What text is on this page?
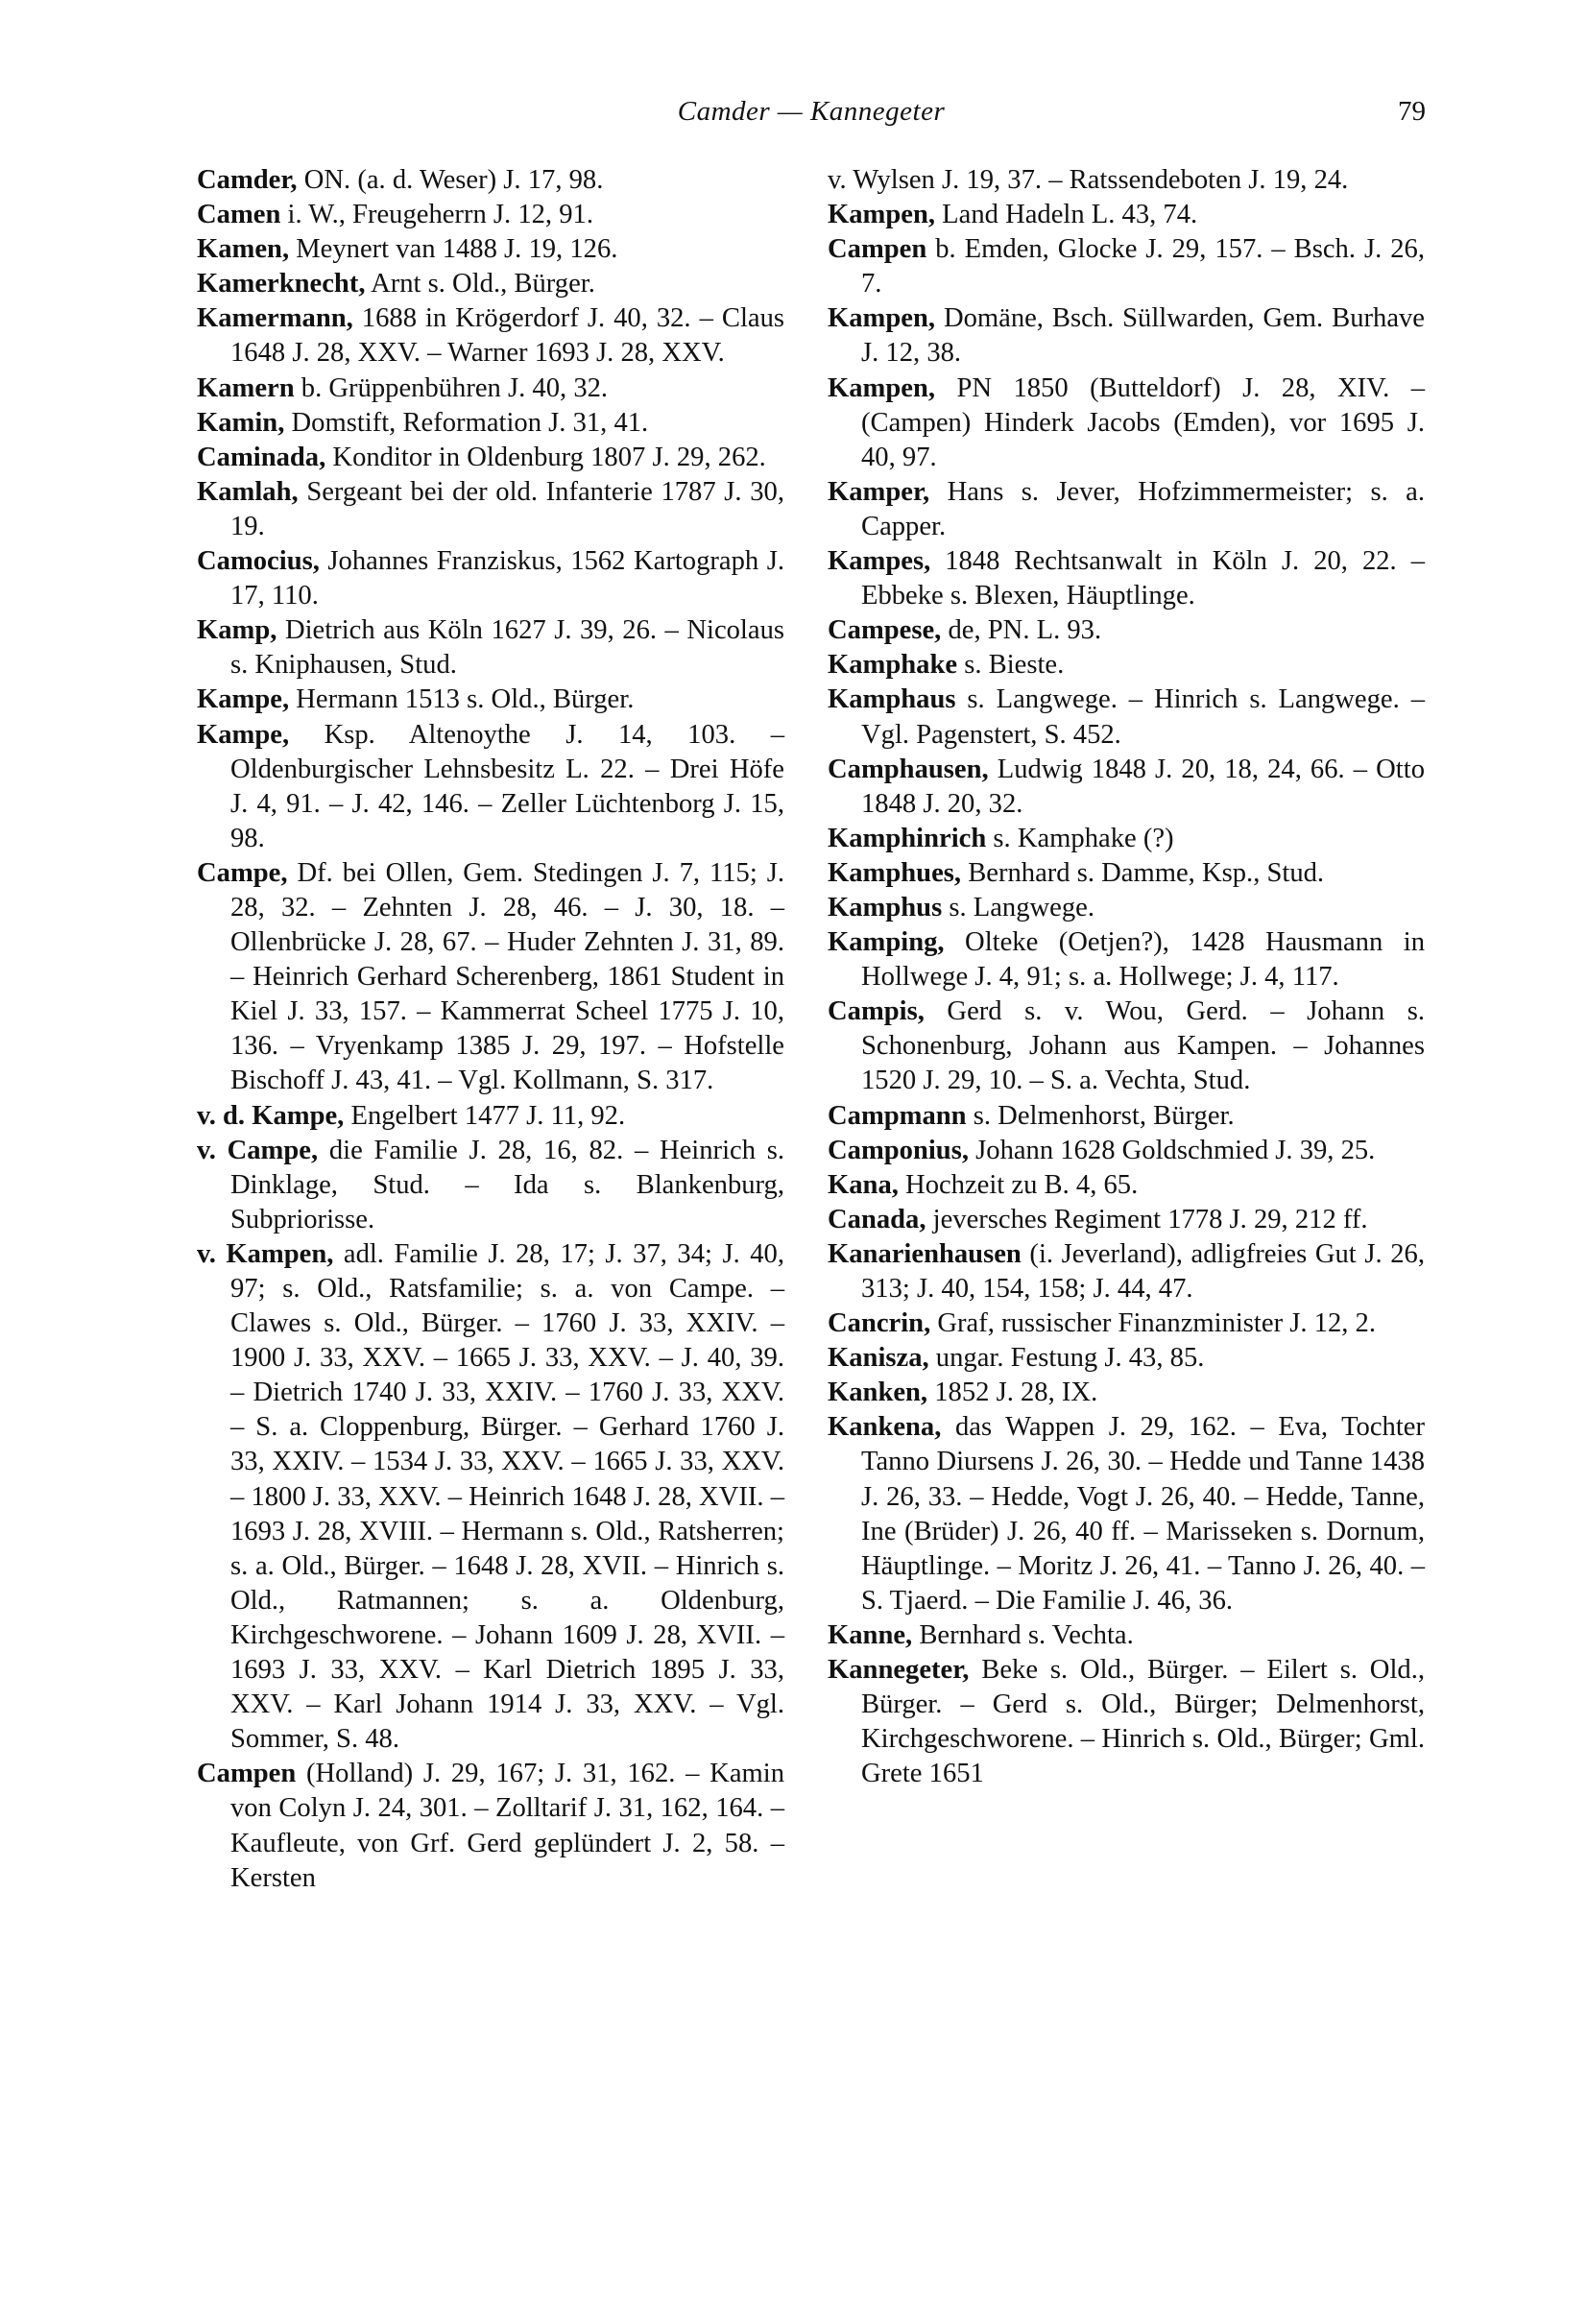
Camder — Kannegeter	79
Camder, ON. (a. d. Weser) J. 17, 98.
Camen i. W., Freugeherrn J. 12, 91.
Kamen, Meynert van 1488 J. 19, 126.
Kamerknecht, Arnt s. Old., Bürger.
Kamermann, 1688 in Krögerdorf J. 40, 32. – Claus 1648 J. 28, XXV. – Warner 1693 J. 28, XXV.
Kamern b. Grüppenbühren J. 40, 32.
Kamin, Domstift, Reformation J. 31, 41.
Caminada, Konditor in Oldenburg 1807 J. 29, 262.
Kamlah, Sergeant bei der old. Infanterie 1787 J. 30, 19.
Camocius, Johannes Franziskus, 1562 Kartograph J. 17, 110.
Kamp, Dietrich aus Köln 1627 J. 39, 26. – Nicolaus s. Kniphausen, Stud.
Kampe, Hermann 1513 s. Old., Bürger.
Kampe, Ksp. Altenoythe J. 14, 103. – Oldenburgischer Lehnsbesitz L. 22. – Drei Höfe J. 4, 91. – J. 42, 146. – Zeller Lüchtenborg J. 15, 98.
Campe, Df. bei Ollen, Gem. Stedingen J. 7, 115; J. 28, 32. – Zehnten J. 28, 46. – J. 30, 18. – Ollenbrücke J. 28, 67. – Huder Zehnten J. 31, 89. – Heinrich Gerhard Scherenberg, 1861 Student in Kiel J. 33, 157. – Kammerrat Scheel 1775 J. 10, 136. – Vryenkamp 1385 J. 29, 197. – Hofstelle Bischoff J. 43, 41. – Vgl. Kollmann, S. 317.
v. d. Kampe, Engelbert 1477 J. 11, 92.
v. Campe, die Familie J. 28, 16, 82. – Heinrich s. Dinklage, Stud. – Ida s. Blankenburg, Subpriorisse.
v. Kampen, adl. Familie J. 28, 17; J. 37, 34; J. 40, 97; s. Old., Ratsfamilie; s. a. von Campe. – Clawes s. Old., Bürger. – 1760 J. 33, XXIV. – 1900 J. 33, XXV. – 1665 J. 33, XXV. – J. 40, 39. – Dietrich 1740 J. 33, XXIV. – 1760 J. 33, XXV. – S. a. Cloppenburg, Bürger. – Gerhard 1760 J. 33, XXIV. – 1534 J. 33, XXV. – 1665 J. 33, XXV. – 1800 J. 33, XXV. – Heinrich 1648 J. 28, XVII. – 1693 J. 28, XVIII. – Hermann s. Old., Ratsherren; s. a. Old., Bürger. – 1648 J. 28, XVII. – Hinrich s. Old., Ratmannen; s. a. Oldenburg, Kirchgeschworene. – Johann 1609 J. 28, XVII. – 1693 J. 33, XXV. – Karl Dietrich 1895 J. 33, XXV. – Karl Johann 1914 J. 33, XXV. – Vgl. Sommer, S. 48.
Campen (Holland) J. 29, 167; J. 31, 162. – Kamin von Colyn J. 24, 301. – Zolltarif J. 31, 162, 164. – Kaufleute, von Grf. Gerd geplündert J. 2, 58. – Kersten
v. Wylsen J. 19, 37. – Ratssendeboten J. 19, 24.
Kampen, Land Hadeln L. 43, 74.
Campen b. Emden, Glocke J. 29, 157. – Bsch. J. 26, 7.
Kampen, Domäne, Bsch. Süllwarden, Gem. Burhave J. 12, 38.
Kampen, PN 1850 (Butteldorf) J. 28, XIV. – (Campen) Hinderk Jacobs (Emden), vor 1695 J. 40, 97.
Kamper, Hans s. Jever, Hofzimmermeister; s. a. Capper.
Kampes, 1848 Rechtsanwalt in Köln J. 20, 22. – Ebbeke s. Blexen, Häuptlinge.
Campese, de, PN. L. 93.
Kamphake s. Bieste.
Kamphaus s. Langwege. – Hinrich s. Langwege. – Vgl. Pagenstert, S. 452.
Camphausen, Ludwig 1848 J. 20, 18, 24, 66. – Otto 1848 J. 20, 32.
Kamphinrich s. Kamphake (?)
Kamphues, Bernhard s. Damme, Ksp., Stud.
Kamphus s. Langwege.
Kamping, Olteke (Oetjen?), 1428 Hausmann in Hollwege J. 4, 91; s. a. Hollwege; J. 4, 117.
Campis, Gerd s. v. Wou, Gerd. – Johann s. Schonenburg, Johann aus Kampen. – Johannes 1520 J. 29, 10. – S. a. Vechta, Stud.
Campmann s. Delmenhorst, Bürger.
Camponius, Johann 1628 Goldschmied J. 39, 25.
Kana, Hochzeit zu B. 4, 65.
Canada, jeversches Regiment 1778 J. 29, 212 ff.
Kanarienhausen (i. Jeverland), adligfreies Gut J. 26, 313; J. 40, 154, 158; J. 44, 47.
Cancrin, Graf, russischer Finanzminister J. 12, 2.
Kanisza, ungar. Festung J. 43, 85.
Kanken, 1852 J. 28, IX.
Kankena, das Wappen J. 29, 162. – Eva, Tochter Tanno Diursens J. 26, 30. – Hedde und Tanne 1438 J. 26, 33. – Hedde, Vogt J. 26, 40. – Hedde, Tanne, Ine (Brüder) J. 26, 40 ff. – Marisseken s. Dornum, Häuptlinge. – Moritz J. 26, 41. – Tanno J. 26, 40. – S. Tjaerd. – Die Familie J. 46, 36.
Kanne, Bernhard s. Vechta.
Kannegeter, Beke s. Old., Bürger. – Eilert s. Old., Bürger. – Gerd s. Old., Bürger; Delmenhorst, Kirchgeschworene. – Hinrich s. Old., Bürger; Gml. Grete 1651
